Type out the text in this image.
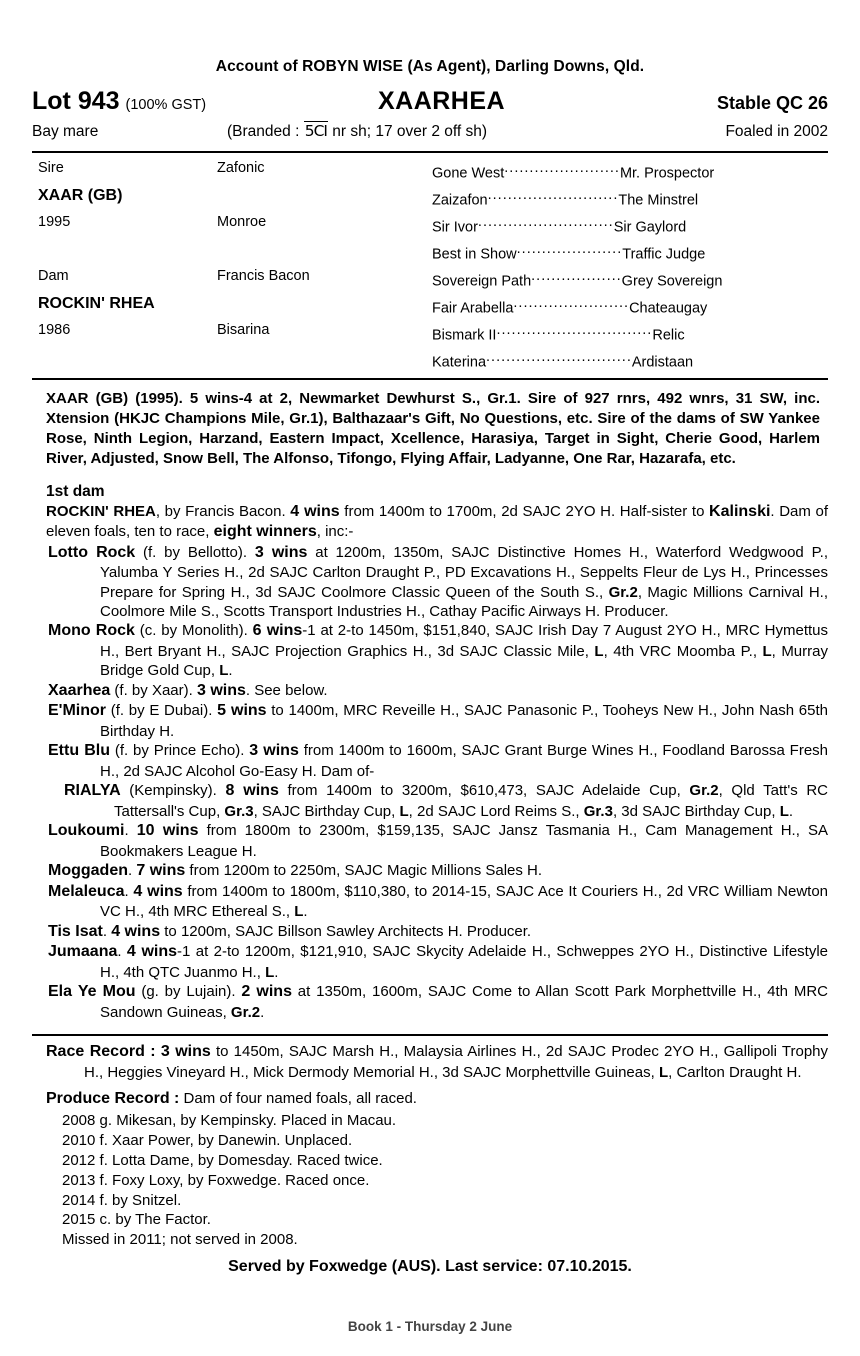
Account of ROBYN WISE (As Agent), Darling Downs, Qld.
Lot 943 (100% GST)	XAARHEA	Stable QC 26
Bay mare	(Branded : 5CI nr sh; 17 over 2 off sh)	Foaled in 2002
Sire	Zafonic	Gone West.......................Mr. Prospector
XAAR (GB)		Zaizafon..........................The Minstrel
1995	Monroe	Sir Ivor...........................Sir Gaylord
		Best in Show.....................Traffic Judge
Dam	Francis Bacon	Sovereign Path..................Grey Sovereign
ROCKIN' RHEA		Fair Arabella.......................Chateaugay
1986	Bisarina	Bismark II...............................Relic
		Katerina.............................Ardistaan
XAAR (GB) (1995). 5 wins-4 at 2, Newmarket Dewhurst S., Gr.1. Sire of 927 rnrs, 492 wnrs, 31 SW, inc. Xtension (HKJC Champions Mile, Gr.1), Balthazaar's Gift, No Questions, etc. Sire of the dams of SW Yankee Rose, Ninth Legion, Harzand, Eastern Impact, Xcellence, Harasiya, Target in Sight, Cherie Good, Harlem River, Adjusted, Snow Bell, The Alfonso, Tifongo, Flying Affair, Ladyanne, One Rar, Hazarafa, etc.
1st dam
ROCKIN' RHEA, by Francis Bacon. 4 wins from 1400m to 1700m, 2d SAJC 2YO H. Half-sister to Kalinski. Dam of eleven foals, ten to race, eight winners, inc:-
Lotto Rock (f. by Bellotto). 3 wins at 1200m, 1350m, SAJC Distinctive Homes H., Waterford Wedgwood P., Yalumba Y Series H., 2d SAJC Carlton Draught P., PD Excavations H., Seppelts Fleur de Lys H., Princesses Prepare for Spring H., 3d SAJC Coolmore Classic Queen of the South S., Gr.2, Magic Millions Carnival H., Coolmore Mile S., Scotts Transport Industries H., Cathay Pacific Airways H. Producer.
Mono Rock (c. by Monolith). 6 wins-1 at 2-to 1450m, $151,840, SAJC Irish Day 7 August 2YO H., MRC Hymettus H., Bert Bryant H., SAJC Projection Graphics H., 3d SAJC Classic Mile, L, 4th VRC Moomba P., L, Murray Bridge Gold Cup, L.
Xaarhea (f. by Xaar). 3 wins. See below.
E'Minor (f. by E Dubai). 5 wins to 1400m, MRC Reveille H., SAJC Panasonic P., Tooheys New H., John Nash 65th Birthday H.
Ettu Blu (f. by Prince Echo). 3 wins from 1400m to 1600m, SAJC Grant Burge Wines H., Foodland Barossa Fresh H., 2d SAJC Alcohol Go-Easy H. Dam of-
RIALYA (Kempinsky). 8 wins from 1400m to 3200m, $610,473, SAJC Adelaide Cup, Gr.2, Qld Tatt's RC Tattersall's Cup, Gr.3, SAJC Birthday Cup, L, 2d SAJC Lord Reims S., Gr.3, 3d SAJC Birthday Cup, L.
Loukoumi. 10 wins from 1800m to 2300m, $159,135, SAJC Jansz Tasmania H., Cam Management H., SA Bookmakers League H.
Moggaden. 7 wins from 1200m to 2250m, SAJC Magic Millions Sales H.
Melaleuca. 4 wins from 1400m to 1800m, $110,380, to 2014-15, SAJC Ace It Couriers H., 2d VRC William Newton VC H., 4th MRC Ethereal S., L.
Tis Isat. 4 wins to 1200m, SAJC Billson Sawley Architects H. Producer.
Jumaana. 4 wins-1 at 2-to 1200m, $121,910, SAJC Skycity Adelaide H., Schweppes 2YO H., Distinctive Lifestyle H., 4th QTC Juanmo H., L.
Ela Ye Mou (g. by Lujain). 2 wins at 1350m, 1600m, SAJC Come to Allan Scott Park Morphettville H., 4th MRC Sandown Guineas, Gr.2.
Race Record : 3 wins to 1450m, SAJC Marsh H., Malaysia Airlines H., 2d SAJC Prodec 2YO H., Gallipoli Trophy H., Heggies Vineyard H., Mick Dermody Memorial H., 3d SAJC Morphettville Guineas, L, Carlton Draught H.
Produce Record : Dam of four named foals, all raced.
2008 g. Mikesan, by Kempinsky. Placed in Macau.
2010 f. Xaar Power, by Danewin. Unplaced.
2012 f. Lotta Dame, by Domesday. Raced twice.
2013 f. Foxy Loxy, by Foxwedge. Raced once.
2014 f. by Snitzel.
2015 c. by The Factor.
Missed in 2011; not served in 2008.
Served by Foxwedge (AUS). Last service: 07.10.2015.
Book 1 - Thursday 2 June
